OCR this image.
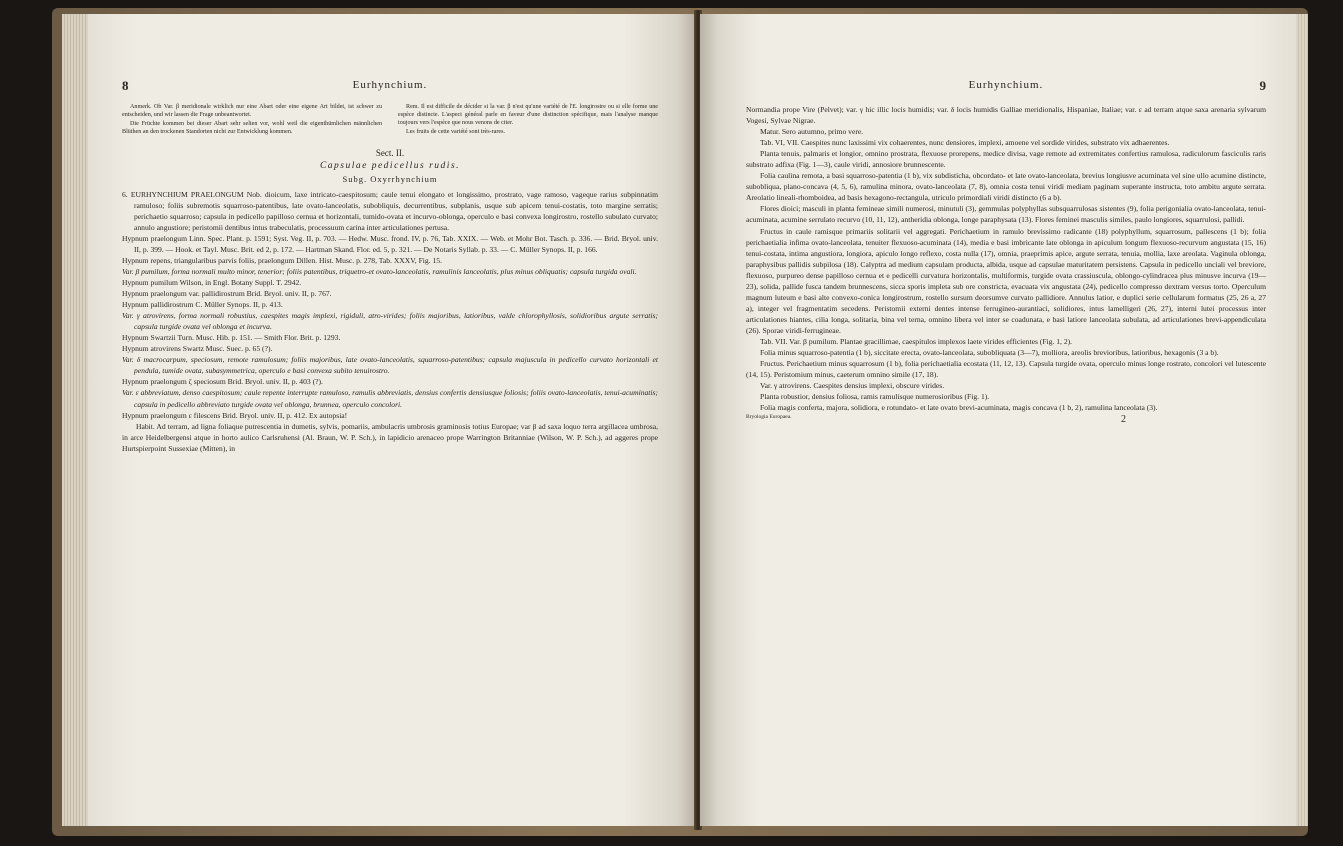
8	Eurhynchium.

Anmerk. Ob Var. β meridionale wirklich nur eine Abart oder eine eigene Art bildet, ist schwer zu entscheiden, und wir lassen die Frage unbeantwortet.

Die Früchte kommen bei dieser Abart sehr selten vor, wohl weil die eigenthümlichen männlichen Blüthen an den trockenen Standorten nicht zur Entwicklung kommen.

Rem. Il est difficile de décider si la var. β n'est qu'une variété de l'E. longirostre ou si elle forme une espèce distincte. L'aspect général parle en faveur d'une distinction spécifique, mais l'analyse manque toujours vers l'espèce que nous venons de citer.

Les fruits de cette variété sont très-rares.

Sect. II.
Capsulae pedicellus rudis.
Subg. Oxyrrhynchium

6. EURHYNCHIUM PRAELONGUM Nob. dioicum, laxe intricato-caespitosum; caule tenui elongato et longissimo, prostrato, vage ramoso, vageque rarius subpinnatim ramuloso; foliis subremotis squarroso-patentibus, late ovato-lanceolatis, subobliquis, decurrentibus, subplanis, usque sub apicem tenui-costatis, toto margine serratis; perichaetio squarroso; capsula in pedicello papilloso cernua et horizontali, tumido-ovata et incurvo-oblonga, operculo e basi convexa longirostro, rostello subulato curvato; annulo angustiore; peristomii dentibus intus trabeculatis, processuum carina inter articulationes pertusa.

Hypnum praelongum Linn. Spec. Plant. p. 1591; Syst. Veg. II, p. 703. — Hedw. Musc. frond. IV, p. 76, Tab. XXIX. — Web. et Mohr Bot. Tasch. p. 336. — Brid. Bryol. univ. II, p. 399. — Hook. et Tayl. Musc. Brit. ed 2, p. 172. — Hartman Skand. Flor. ed. 5, p. 321. — De Notaris Syllab. p. 33. — C. Müller Synops. II, p. 166.

Hypnum repens, triangularibus parvis foliis, praelongum Dillen. Hist. Musc. p. 278, Tab. XXXV, Fig. 15.

Var. β pumilum, forma normali multo minor, tenerior; foliis patentibus, triquetro-et ovato-lanceolatis, ramulinis lanceolatis, plus minus obliquatis; capsula turgida ovali.

Hypnum pumilum Wilson, in Engl. Botany Suppl. T. 2942.

Hypnum praelongum var. pallidirostrum Brid. Bryol. univ. II, p. 767.

Hypnum pallidirostrum C. Müller Synops. II, p. 413.

Var. γ atrovirens, forma normali robustius, caespites magis implexi, rigiduli, atro-virides; foliis majoribus, latioribus, valde chlorophyllosis, solidioribus argute serratis; capsula turgide ovata vel oblonga et incurva.

Hypnum Swartzii Turn. Musc. Hib. p. 151. — Smith Flor. Brit. p. 1293.

Hypnum atrovirens Swartz Musc. Suec. p. 65 (?).

Var. δ macrocarpum, speciosum, remote ramulosum; foliis majoribus, late ovato-lanceolatis, squarroso-patentibus; capsula majuscula in pedicello curvato horizontali et pendula, tumide ovata, subasymmetrica, operculo e basi convexa subito tenuirostro.

Hypnum praelongum ζ speciosum Brid. Bryol. univ. II, p. 403 (?).

Var. ε abbreviatum, denso caespitosum; caule repente interrupte ramuloso, ramulis abbreviatis, densius confertis densiusque foliosis; foliis ovato-lanceolatis, tenui-acuminatis; capsula in pedicello abbreviato turgide ovata vel oblonga, brunnea, operculo concolori.

Hypnum praelongum ε filescens Brid. Bryol. univ. II, p. 412. Ex autopsia!

Habit. Ad terram, ad ligna foliaque putrescentia in dumetis, sylvis, pomariis, ambulacris umbrosis graminosis totius Europae; var β ad saxa loquo terra argillacea umbrosa, in arce Heidelbergensi atque in horto aulico Carlsruhensi (Al. Braun, W. P. Sch.), in lapidicio arenaceo prope Warrington Britanniae (Wilson, W. P. Sch.), ad aggeres prope Hurtspierpoint Sussexiae (Mitten), in

Eurhynchium.	9

Normandia prope Vire (Pelvet); var. γ hic illic locis humidis; var. δ locis humidis Galliae meridionalis, Hispaniae, Italiae; var. ε ad terram atque saxa arenaria sylvarum Vogesi, Sylvae Nigrae.

Matur. Sero autumno, primo vere.

Tab. VI, VII. Caespites nunc laxissimi vix cohaerentes, nunc densiores, implexi, amoene vel sordide virides, substrato vix adhaerentes.

Planta tenuis, palmaris et longior, omnino prostrata, flexuose prorepens, medice divisa, vage remote ad extremitates confertius ramulosa, radiculorum fasciculis raris substrato adfixa (Fig. 1—3), caule viridi, annosiore brunnescente.

Folia caulina remota, a basi squarroso-patentia (1 b), vix subdisticha, obcordato- et late ovato-lanceolata, brevius longiusve acuminata vel sine ullo acumine distincte, subobliqua, plano-concava (4, 5, 6), ramulina minora, ovato-lanceolata (7, 8), omnia costa tenui viridi mediam paginam superante instructa, toto ambitu argute serrata. Areolatio lineali-rhomboidea, ad basis hexagono-rectangula, utriculo primordiali viridi distincto (6 a b).

Flores dioici; masculi in planta femineae simili numerosi, minutuli (3), gemmulas polyphyllas subsquarrulosas sistentes (9), folia perigonialia ovato-lanceolata, tenui-acuminata, acumine serrulato recurvo (10, 11, 12), antheridia oblonga, longe paraphysata (13). Flores feminei masculis similes, paulo longiores, squarrulosi, pallidi.

Fructus in caule ramisque primariis solitarii vel aggregati. Perichaetium in ramulo brevissimo radicante (18) polyphyllum, squarrosum, pallescens (1 b); folia perichaetialia infima ovato-lanceolata, tenuiter flexuoso-acuminata (14), media e basi imbricante late oblonga in apiculum longum flexuoso-recurvum angustata (15, 16) tenui-costata, intima angustiora, longiora, apiculo longo reflexo, costa nulla (17), omnia, praeprimis apice, argute serrata, tenuia, mollia, laxe areolata. Vaginula oblonga, paraphysibus pallidis subpilosa (18). Calyptra ad medium capsulam producta, albida, usque ad capsulae maturitatem persistens. Capsula in pedicello unciali vel breviore, flexuoso, purpureo dense papilloso cernua et e pedicelli curvatura horizontalis, multiformis, turgide ovata crassiuscula, oblongo-cylindracea plus minusve incurva (19—23), solida, pallide fusca tandem brunnescens, sicca sporis impleta sub ore constricta, evacuata vix angustata (24), pedicello compresso dextram versus torto. Operculum magnum luteum e basi alte convexo-conica longirostrum, rostello sursum deorsumve curvato pallidiore. Annulus latior, e duplici serie cellularum formatus (25, 26 a, 27 a), integer vel fragmentatim secedens. Peristomii externi dentes intense ferrugineo-aurantiaci, solidiores, intus lamelligeri (26, 27), interni lutei processus inter articulationes hiantes, cilia longa, solitaria, bina vel terna, omnino libera vel inter se coadunata, e basi latiore lanceolata subulata, ad articulationes brevi-appendiculata (26). Sporae viridi-ferrugineae.

Tab. VII. Var. β pumilum. Plantae gracillimae, caespitulos implexos laete virides efficientes (Fig. 1, 2).

Folia minus squarroso-patentia (1 b), siccitate erecta, ovato-lanceolata, subobliquata (3—7), molliora, areolis brevioribus, latioribus, hexagonis (3 a b).

Fructus. Perichaetium minus squarrosum (1 b), folia perichaetialia ecostata (11, 12, 13). Capsula turgide ovata, operculo minus longe rostrato, concolori vel lutescente (14, 15). Peristomium minus, caeterum omnino simile (17, 18).

Var. γ atrovirens. Caespites densius implexi, obscure virides.

Planta robustior, densius foliosa, ramis ramulisque numerosioribus (Fig. 1).

Folia magis conferta, majora, solidiora, e rotundato- et late ovato brevi-acuminata, magis concava (1 b, 2), ramulina lanceolata (3).

Bryologia Europaea.	2
